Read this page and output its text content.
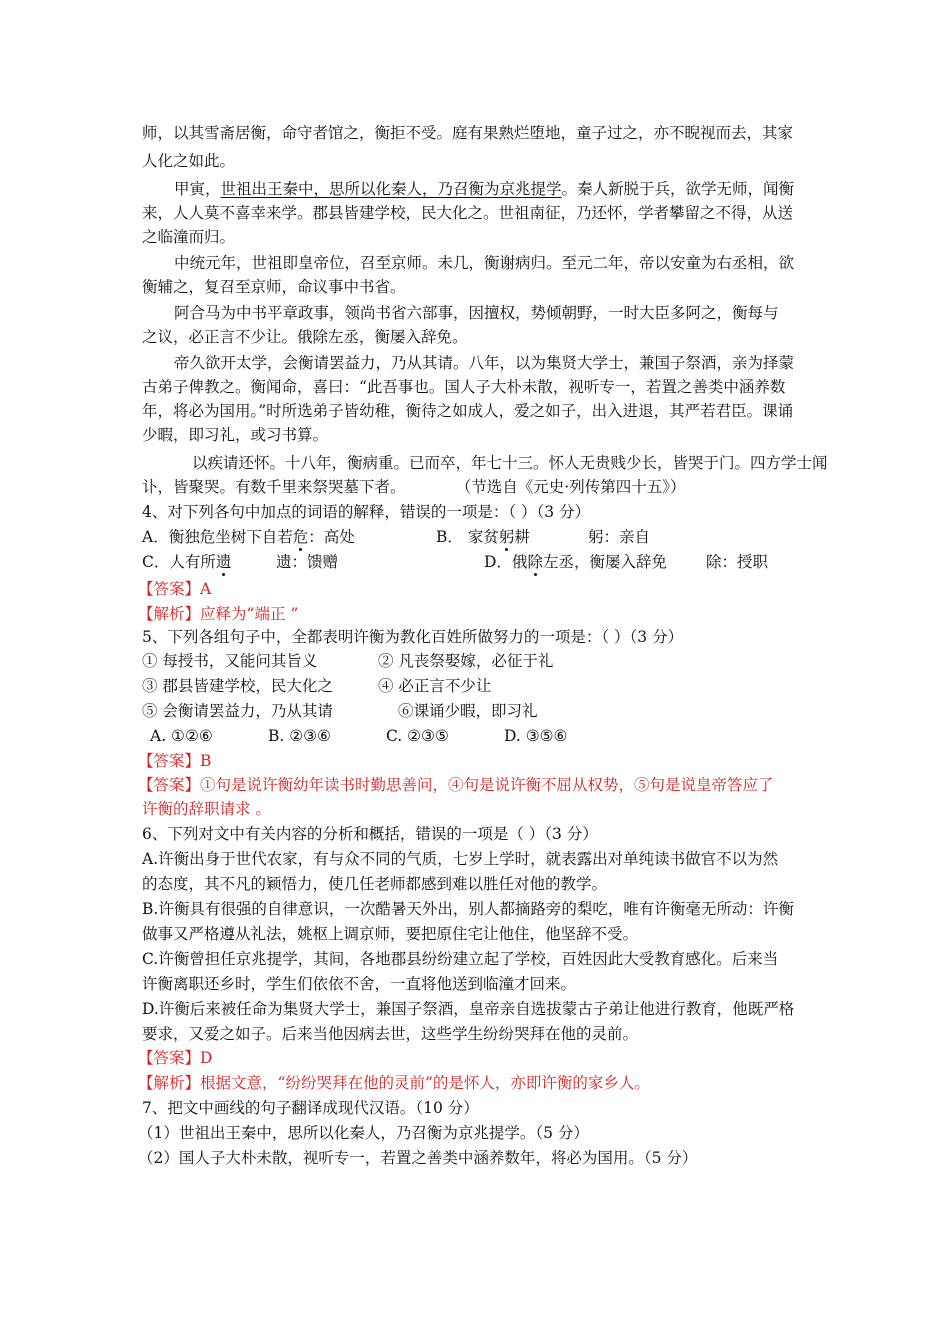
师，以其雪斋居衡，命守者馆之，衡拒不受。庭有果熟烂堕地，童子过之，亦不睨视而去，其家
人化之如此。
甲寅，世祖出王秦中，思所以化秦人，乃召衡为京兆提学。秦人新脱于兵，欲学无师，闻衡
来，人人莫不喜幸来学。郡县皆建学校，民大化之。世祖南征，乃还怀，学者攀留之不得，从送
之临潼而归。
中统元年，世祖即皇帝位，召至京师。未几，衡谢病归。至元二年，帝以安童为右丞相，欲
衡辅之，复召至京师，命议事中书省。
阿合马为中书平章政事，领尚书省六部事，因擅权，势倾朝野，一时大臣多阿之，衡每与
之议，必正言不少让。俄除左丞，衡屡入辞免。
帝久欲开太学，会衡请罢益力，乃从其请。八年，以为集贤大学士，兼国子祭酒，亲为择蒙
古弟子俾教之。衡闻命，喜曰：“此吾事也。国人子大朴未散，视听专一，若置之善类中涵养数
年，将必为国用。”时所选弟子皆幼稚，衡待之如成人，爱之如子，出入进退，其严若君臣。课诵
少暇，即习礼，或习书算。
以疾请还怀。十八年，衡病重。已而卒，年七十三。怀人无贵贱少长，皆哭于门。四方学士闻
讣，皆聚哭。有数千里来祭哭墓下者。	（节选自《元史·列传第四十五》）
4、对下列各句中加点的词语的解释，错误的一项是：（ ）（3 分）
A．衡独危坐树下自若危：高处	B． 家贫躬耕	躬：亲自
C．人有所遗	遗：馈赠	D．俄除左丞，衡屡入辞免	除：授职
【答案】A
【解析】应释为“端正 ”
5、下列各组句子中，全都表明许衡为教化百姓所做努力的一项是：（ ）（3 分）
① 每授书，又能问其旨义	② 凡丧祭娶嫁，必征于礼
③ 郡县皆建学校，民大化之	④ 必正言不少让
⑤ 会衡请罢益力，乃从其请	⑥课诵少暇，即习礼
A. ①②⑥	B. ②③⑥	C. ②③⑤	D. ③⑤⑥
【答案】B
【答案】①句是说许衡幼年读书时勤思善问，④句是说许衡不屈从权势，⑤句是说皇帝答应了
许衡的辞职请求 。
6、下列对文中有关内容的分析和概括，错误的一项是（ ）（3 分）
A.许衡出身于世代农家，有与众不同的气质，七岁上学时，就表露出对单纯读书做官不以为然
的态度，其不凡的颖悟力，使几任老师都感到难以胜任对他的教学。
B.许衡具有很强的自律意识，一次酷暑天外出，别人都摘路旁的梨吃，唯有许衡毫无所动：许衡
做事又严格遵从礼法，姚枢上调京师，要把原住宅让他住，他坚辞不受。
C.许衡曾担任京兆提学，其间，各地郡县纷纷建立起了学校，百姓因此大受教育感化。后来当
许衡离职还乡时，学生们依依不舍，一直将他送到临潼才回来。
D.许衡后来被任命为集贤大学士，兼国子祭酒，皇帝亲自选拔蒙古子弟让他进行教育，他既严格
要求，又爱之如子。后来当他因病去世，这些学生纷纷哭拜在他的灵前。
【答案】D
【解析】根据文意，“纷纷哭拜在他的灵前”的是怀人，亦即许衡的家乡人。
7、把文中画线的句子翻译成现代汉语。（10 分）
（1）世祖出王秦中，思所以化秦人，乃召衡为京兆提学。（5 分）
（2）国人子大朴未散，视听专一，若置之善类中涵养数年，将必为国用。（5 分）
